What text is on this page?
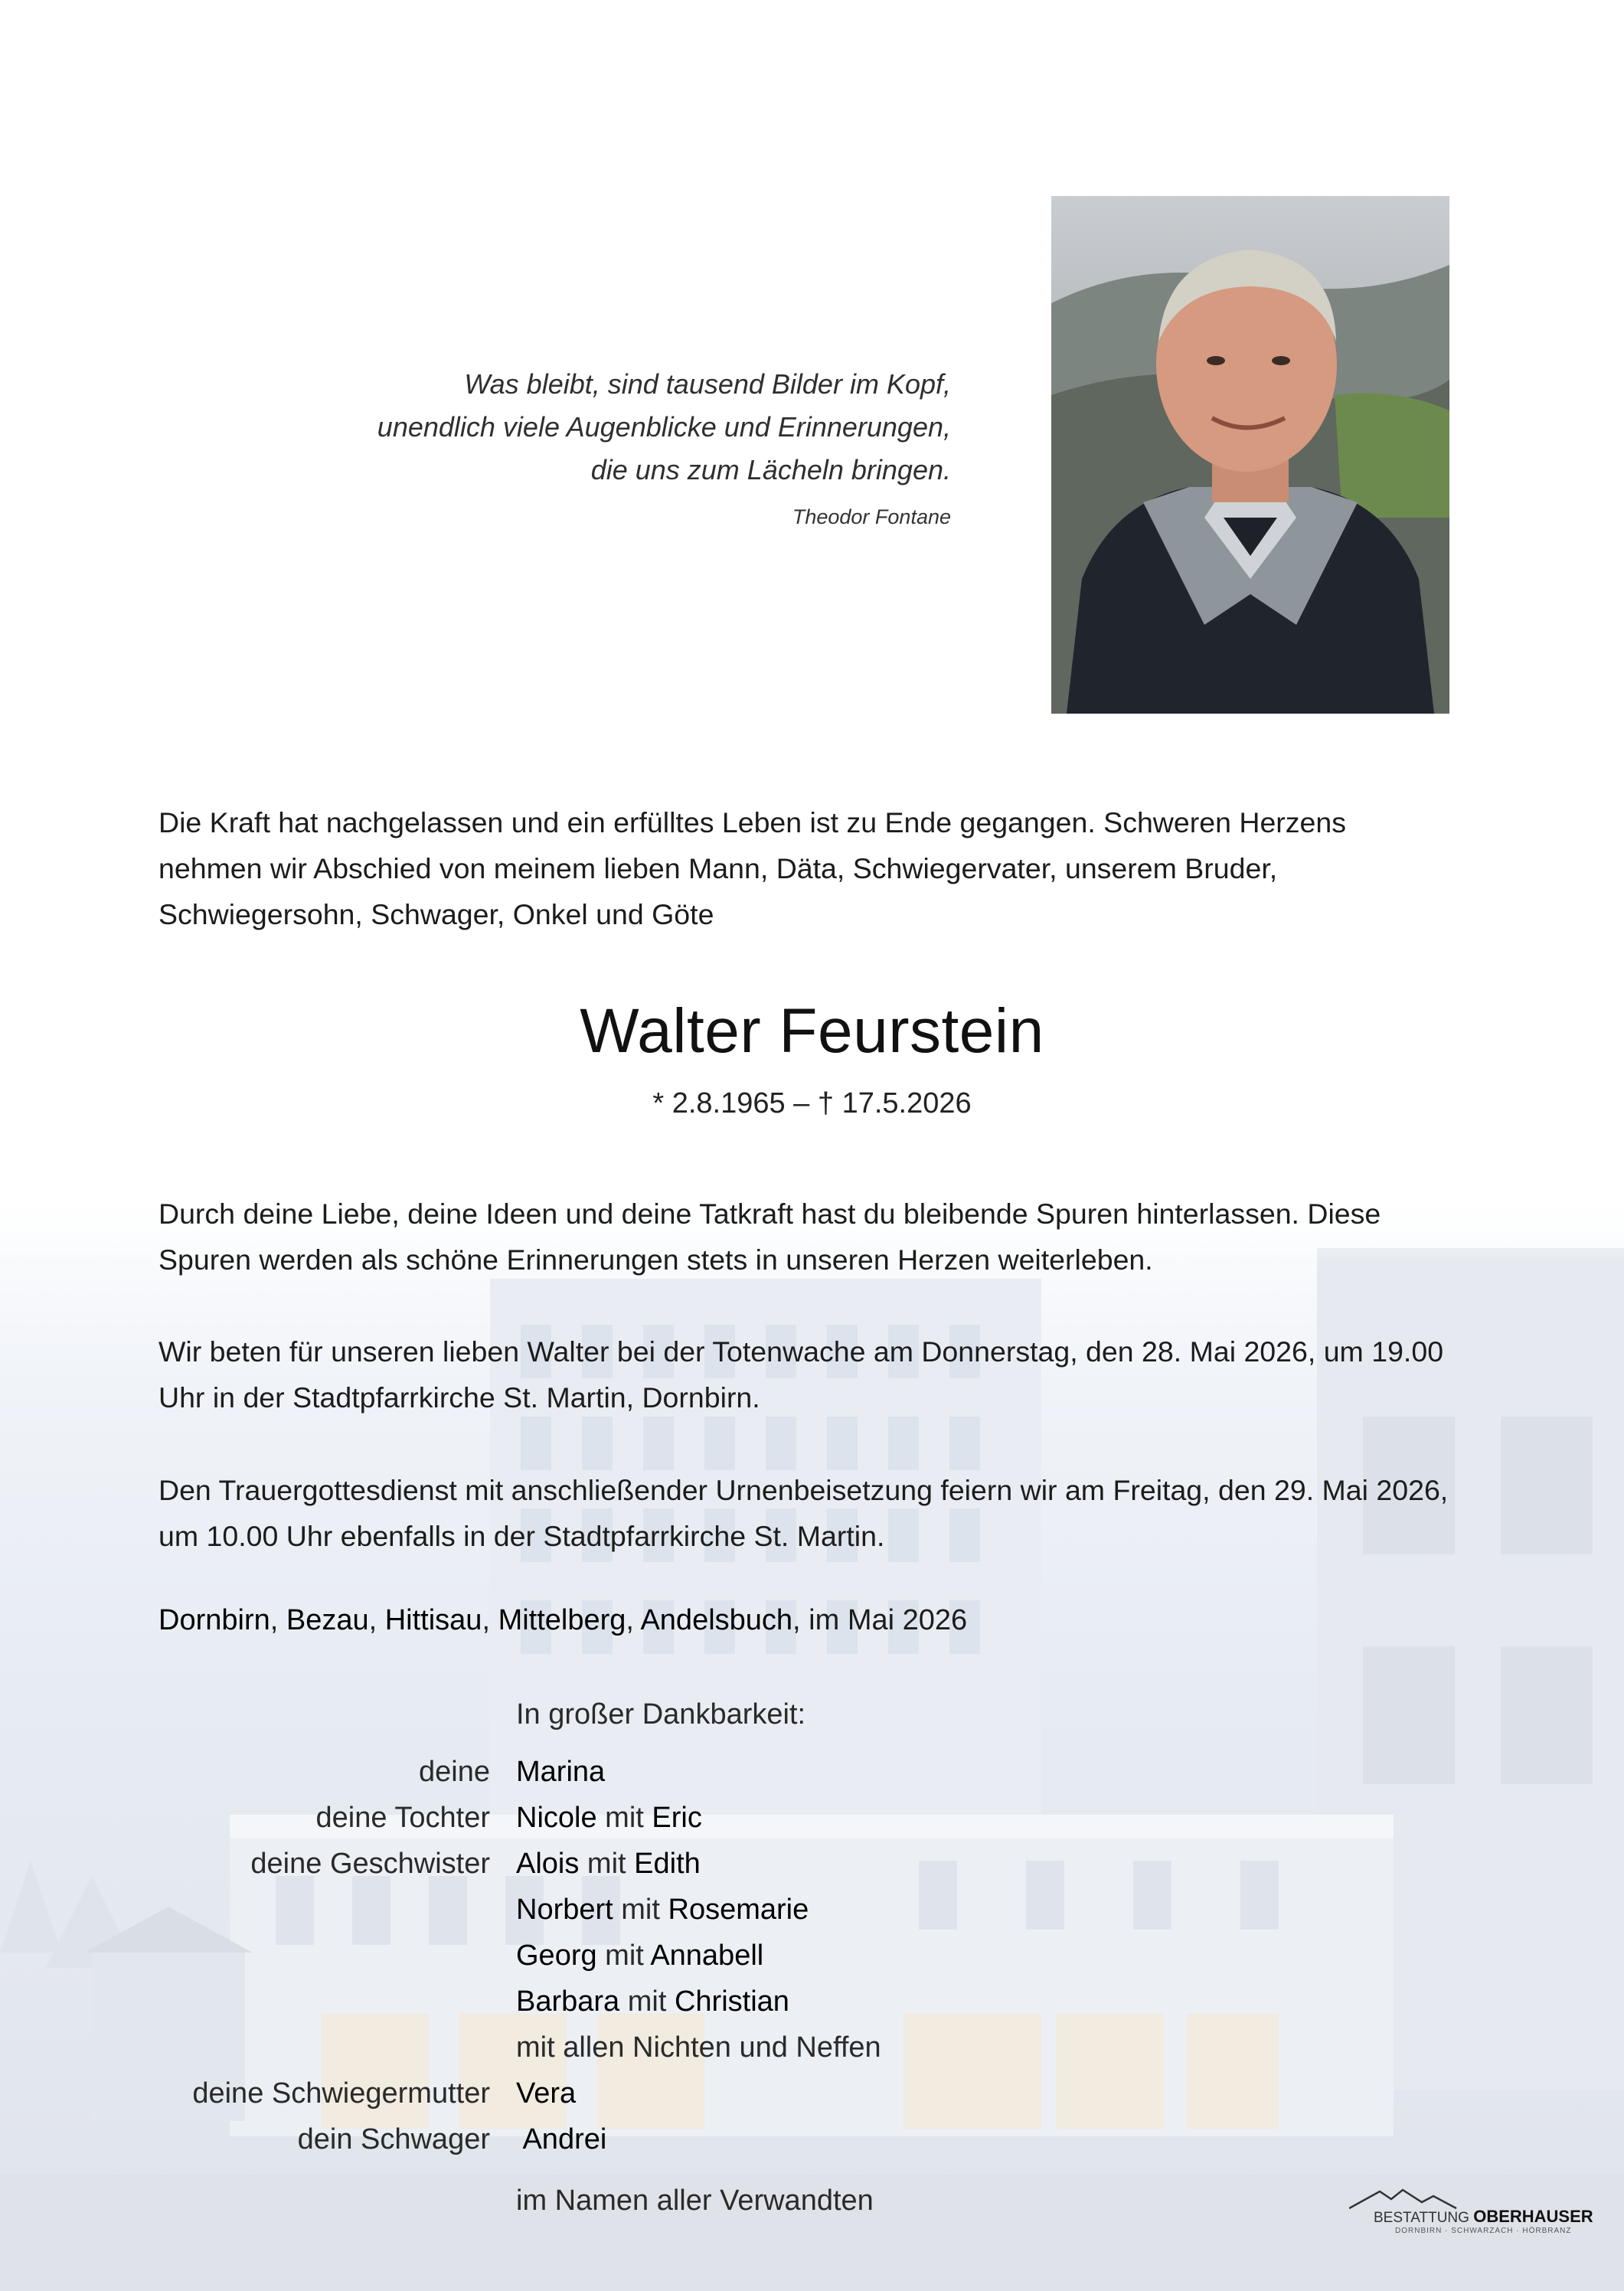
Was bleibt, sind tausend Bilder im Kopf,
unendlich viele Augenblicke und Erinnerungen,
die uns zum Lächeln bringen.
Theodor Fontane
Die Kraft hat nachgelassen und ein erfülltes Leben ist zu Ende gegangen. Schweren Herzens nehmen wir Abschied von meinem lieben Mann, Däta, Schwiegervater, unserem Bruder, Schwiegersohn, Schwager, Onkel und Göte
Walter Feurstein
* 2.8.1965 – † 17.5.2026
Durch deine Liebe, deine Ideen und deine Tatkraft hast du bleibende Spuren hinterlassen. Diese Spuren werden als schöne Erinnerungen stets in unseren Herzen weiterleben.
Wir beten für unseren lieben Walter bei der Totenwache am Donnerstag, den 28. Mai 2026, um 19.00 Uhr in der Stadtpfarrkirche St. Martin, Dornbirn.
Den Trauergottesdienst mit anschließender Urnenbeisetzung feiern wir am Freitag, den 29. Mai 2026, um 10.00 Uhr ebenfalls in der Stadtpfarrkirche St. Martin.
Dornbirn, Bezau, Hittisau, Mittelberg, Andelsbuch, im Mai 2026
In großer Dankbarkeit:
deine Marina
deine Tochter Nicole mit Eric
deine Geschwister Alois mit Edith
Norbert mit Rosemarie
Georg mit Annabell
Barbara mit Christian
mit allen Nichten und Neffen
deine Schwiegermutter Vera
dein Schwager Andrei
im Namen aller Verwandten
BESTATTUNG OBERHAUSER
DORNBIRN · SCHWARZACH · HÖRBRANZ
